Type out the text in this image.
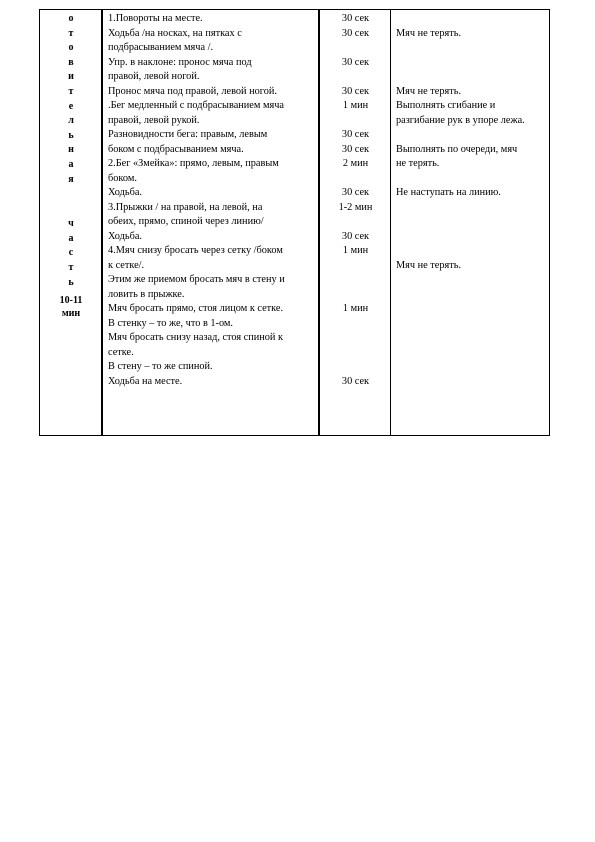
о
т
о
в
и
т
е
л
ь
н
а
я
ч
а
с
т
ь
10-11
мин
1.Повороты на месте.
Ходьба /на носках, на пятках с
подбрасыванием мяча /.
Упр. в наклоне: пронос мяча под
правой, левой ногой.
Пронос мяча под правой, левой ногой.
.Бег медленный с подбрасыванием мяча
правой, левой рукой.
Разновидности бега: правым, левым
боком с подбрасыванием мяча.
2.Бег «Змейка»: прямо, левым, правым
боком.
Ходьба.
3.Прыжки / на правой, на левой, на
обеих, прямо, спиной через линию/
Ходьба.
4.Мяч снизу бросать через сетку /боком
к сетке/.
Этим же приемом бросать мяч в стену и
ловить в прыжке.
Мяч бросать прямо, стоя лицом к сетке.
В стенку – то же, что в 1-ом.
Мяч бросать снизу назад, стоя спиной к
сетке.
В стену – то же спиной.
Ходьба на месте.
30 сек
30 сек
30 сек
30 сек
1 мин
30 сек
30 сек
2 мин
30 сек
1-2 мин
30 сек
1 мин
1 мин
30 сек
Мяч не терять.
Мяч не терять.
Выполнять сгибание и
разгибание рук в упоре лежа.
Выполнять по очереди, мяч
не терять.
Не наступать на линию.
Мяч не терять.
